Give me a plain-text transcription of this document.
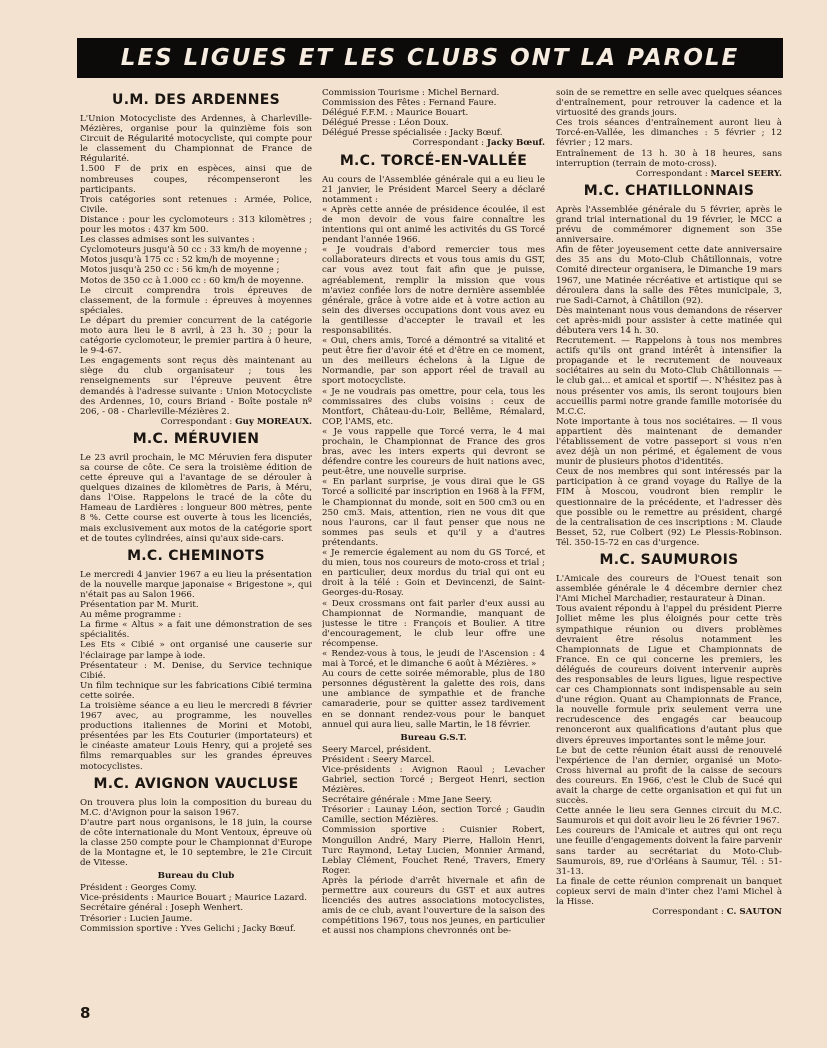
LES LIGUES ET LES CLUBS ONT LA PAROLE
U.M. DES ARDENNES

L'Union Motocycliste des Ardennes, à Charleville-Mézières, organise pour la quinzième fois son Circuit de Régularité motocycliste, qui compte pour le classement du Championnat de France de Régularité.

1.500 F de prix en espèces, ainsi que de nombreuses coupes, récompenseront les participants.

Trois catégories sont retenues : Armée, Police, Civile.

Distance : pour les cyclomoteurs : 313 kilomètres ; pour les motos : 437 km 500.

Les classes admises sont les suivantes :

Cyclomoteurs jusqu'à 50 cc : 33 km/h de moyenne ;

Motos jusqu'à 175 cc : 52 km/h de moyenne ;

Motos jusqu'à 250 cc : 56 km/h de moyenne ;

Motos de 350 cc à 1.000 cc : 60 km/h de moyenne.

Le circuit comprendra trois épreuves de classement, de la formule : épreuves à moyennes spéciales.

Le départ du premier concurrent de la catégorie moto aura lieu le 8 avril, à 23 h. 30 ; pour la catégorie cyclomoteur, le premier partira à 0 heure, le 9-4-67.

Les engagements sont reçus dès maintenant au siège du club organisateur ; tous les renseignements sur l'épreuve peuvent être demandés à l'adresse suivante : Union Motocycliste des Ardennes, 10, cours Briand - Boîte postale nº 206, - 08 - Charleville-Mézières 2.

Correspondant : Guy MOREAUX.

M.C. MÉRUVIEN

Le 23 avril prochain, le MC Méruvien fera disputer sa course de côte. Ce sera la troisième édition de cette épreuve qui a l'avantage de se dérouler à quelques dizaines de kilomètres de Paris, à Méru, dans l'Oise. Rappelons le tracé de la côte du Hameau de Lardières : longueur 800 mètres, pente 8 %. Cette course est ouverte à tous les licenciés, mais exclusivement aux motos de la catégorie sport et de toutes cylindrées, ainsi qu'aux side-cars.

M.C. CHEMINOTS

Le mercredi 4 janvier 1967 a eu lieu la présentation de la nouvelle marque japonaise « Brigestone », qui n'était pas au Salon 1966.

Présentation par M. Murit.

Au même programme :

La firme « Altus » a fait une démonstration de ses spécialités.

Les Ets « Cibié » ont organisé une causerie sur l'éclairage par lampe à iode.

Présentateur : M. Denise, du Service technique Cibié.

Un film technique sur les fabrications Cibié termina cette soirée.

La troisième séance a eu lieu le mercredi 8 février 1967 avec, au programme, les nouvelles productions italiennes de Morini et Motobi, présentées par les Ets Couturier (importateurs) et le cinéaste amateur Louis Henry, qui a projeté ses films remarquables sur les grandes épreuves motocyclistes.

M.C. AVIGNON VAUCLUSE

On trouvera plus loin la composition du bureau du M.C. d'Avignon pour la saison 1967.

D'autre part nous organisons, le 18 juin, la course de côte internationale du Mont Ventoux, épreuve où la classe 250 compte pour le Championnat d'Europe de la Montagne et, le 10 septembre, le 21e Circuit de Vitesse.

Bureau du Club

Président : Georges Comy.

Vice-présidents : Maurice Bouart ; Maurice Lazard.

Secrétaire général : Joseph Wenhert.

Trésorier : Lucien Jaume.

Commission sportive : Yves Gelichi ; Jacky Bœuf.

Commission Tourisme : Michel Bernard.

Commission des Fêtes : Fernand Faure.

Délégué F.F.M. : Maurice Bouart.

Délégué Presse : Léon Doux.

Délégué Presse spécialisée : Jacky Bœuf.

Correspondant : Jacky Bœuf.

M.C. TORCÉ-EN-VALLÉE

Au cours de l'Assemblée générale qui a eu lieu le 21 janvier, le Président Marcel Seery a déclaré notamment :

« Après cette année de présidence écoulée, il est de mon devoir de vous faire connaître les intentions qui ont animé les activités du GS Torcé pendant l'année 1966.

« Je voudrais d'abord remercier tous mes collaborateurs directs et vous tous amis du GST, car vous avez tout fait afin que je puisse, agréablement, remplir la mission que vous m'aviez confiée lors de notre dernière assemblée générale, grâce à votre aide et à votre action au sein des diverses occupations dont vous avez eu la gentillesse d'accepter le travail et les responsabilités.

« Oui, chers amis, Torcé a démontré sa vitalité et peut être fier d'avoir été et d'être en ce moment, un des meilleurs échelons à la Ligue de Normandie, par son apport réel de travail au sport motocycliste.

« Je ne voudrais pas omettre, pour cela, tous les commissaires des clubs voisins : ceux de Montfort, Château-du-Loir, Bellême, Rémalard, COP, l'AMS, etc.

« Je vous rappelle que Torcé verra, le 4 mai prochain, le Championnat de France des gros bras, avec les inters experts qui devront se défendre contre les coureurs de huit nations avec, peut-être, une nouvelle surprise.

« En parlant surprise, je vous dirai que le GS Torcé a sollicité par inscription en 1968 à la FFM, le Championnat du monde, soit en 500 cm3 ou en 250 cm3. Mais, attention, rien ne vous dit que nous l'aurons, car il faut penser que nous ne sommes pas seuls et qu'il y a d'autres prétendants.

« Je remercie également au nom du GS Torcé, et du mien, tous nos coureurs de moto-cross et trial ; en particulier, deux mordus du trial qui ont eu droit à la télé : Goin et Devincenzi, de Saint-Georges-du-Rosay.

« Deux crossmans ont fait parler d'eux aussi au Championnat de Normandie, manquant de justesse le titre : François et Boulier. A titre d'encouragement, le club leur offre une récompense.

« Rendez-vous à tous, le jeudi de l'Ascension : 4 mai à Torcé, et le dimanche 6 août à Mézières. »

Au cours de cette soirée mémorable, plus de 180 personnes dégustèrent la galette des rois, dans une ambiance de sympathie et de franche camaraderie, pour se quitter assez tardivement en se donnant rendez-vous pour le banquet annuel qui aura lieu, salle Martin, le 18 février.

Bureau G.S.T.

Seery Marcel, président.

Président : Seery Marcel.

Vice-présidents : Avignon Raoul ; Levacher Gabriel, section Torcé ; Bergeot Henri, section Mézières.

Secrétaire générale : Mme Jane Seery.

Trésorier : Launay Léon, section Torcé ; Gaudin Camille, section Mézières.

Commission sportive : Cuisnier Robert, Monguillon André, Mary Pierre, Halloin Henri, Turc Raymond, Letay Lucien, Monnier Armand, Leblay Clément, Fouchet René, Travers, Emery Roger.

Après la période d'arrêt hivernale et afin de permettre aux coureurs du GST et aux autres licenciés des autres associations motocyclistes, amis de ce club, avant l'ouverture de la saison des compétitions 1967, tous nos jeunes, en particulier et aussi nos champions chevronnés ont be-

soin de se remettre en selle avec quelques séances d'entraînement, pour retrouver la cadence et la virtuosité des grands jours.

Ces trois séances d'entraînement auront lieu à Torcé-en-Vallée, les dimanches : 5 février ; 12 février ; 12 mars.

Entraînement de 13 h. 30 à 18 heures, sans interruption (terrain de moto-cross).

Correspondant : Marcel SEERY.

M.C. CHATILLONNAIS

Après l'Assemblée générale du 5 février, après le grand trial international du 19 février, le MCC a prévu de commémorer dignement son 35e anniversaire.

Afin de fêter joyeusement cette date anniversaire des 35 ans du Moto-Club Châtillonnais, votre Comité directeur organisera, le Dimanche 19 mars 1967, une Matinée récréative et artistique qui se déroulera dans la salle des Fêtes municipale, 3, rue Sadi-Carnot, à Châtillon (92).

Dès maintenant nous vous demandons de réserver cet après-midi pour assister à cette matinée qui débutera vers 14 h. 30.

Recrutement. — Rappelons à tous nos membres actifs qu'ils ont grand intérêt à intensifier la propagande et le recrutement de nouveaux sociétaires au sein du Moto-Club Châtillonnais — le club gai... et amical et sportif —. N'hésitez pas à nous présenter vos amis, ils seront toujours bien accueillis parmi notre grande famille motorisée du M.C.C.

Note importante à tous nos sociétaires. — Il vous appartient dès maintenant de demander l'établissement de votre passeport si vous n'en avez déjà un non périmé, et également de vous munir de plusieurs photos d'identités.

Ceux de nos membres qui sont intéressés par la participation à ce grand voyage du Rallye de la FIM à Moscou, voudront bien remplir le questionnaire de la précédente, et l'adresser dès que possible ou le remettre au président, chargé de la centralisation de ces inscriptions : M. Claude Besset, 52, rue Colbert (92) Le Plessis-Robinson. Tél. 350-15-72 en cas d'urgence.

M.C. SAUMUROIS

L'Amicale des coureurs de l'Ouest tenait son assemblée générale le 4 décembre dernier chez l'Ami Michel Marchadier, restaurateur à Dinan.

Tous avaient répondu à l'appel du président Pierre Jolliet même les plus éloignés pour cette très sympathique réunion ou divers problèmes devraient être résolus notamment les Championnats de Ligue et Championnats de France. En ce qui concerne les premiers, les délégués de coureurs doivent intervenir auprès des responsables de leurs ligues, ligue respective car ces Championnats sont indispensable au sein d'une région. Quant au Championnats de France, la nouvelle formule prix seulement verra une recrudescence des engagés car beaucoup renonceront aux qualifications d'autant plus que divers épreuves importantes sont le même jour.

Le but de cette réunion était aussi de renouvelé l'expérience de l'an dernier, organisé un Moto-Cross hivernal au profit de la caisse de secours des coureurs. En 1966, c'est le Club de Sucé qui avait la charge de cette organisation et qui fut un succès.

Cette année le lieu sera Gennes circuit du M.C. Saumurois et qui doit avoir lieu le 26 février 1967.

Les coureurs de l'Amicale et autres qui ont reçu une feuille d'engagements doivent la faire parvenir sans tarder au secrétariat du Moto-Club-Saumurois, 89, rue d'Orléans à Saumur, Tél. : 51-31-13.

La finale de cette réunion comprenait un banquet copieux servi de main d'inter chez l'ami Michel à la Hisse.

Correspondant : C. SAUTON

8
